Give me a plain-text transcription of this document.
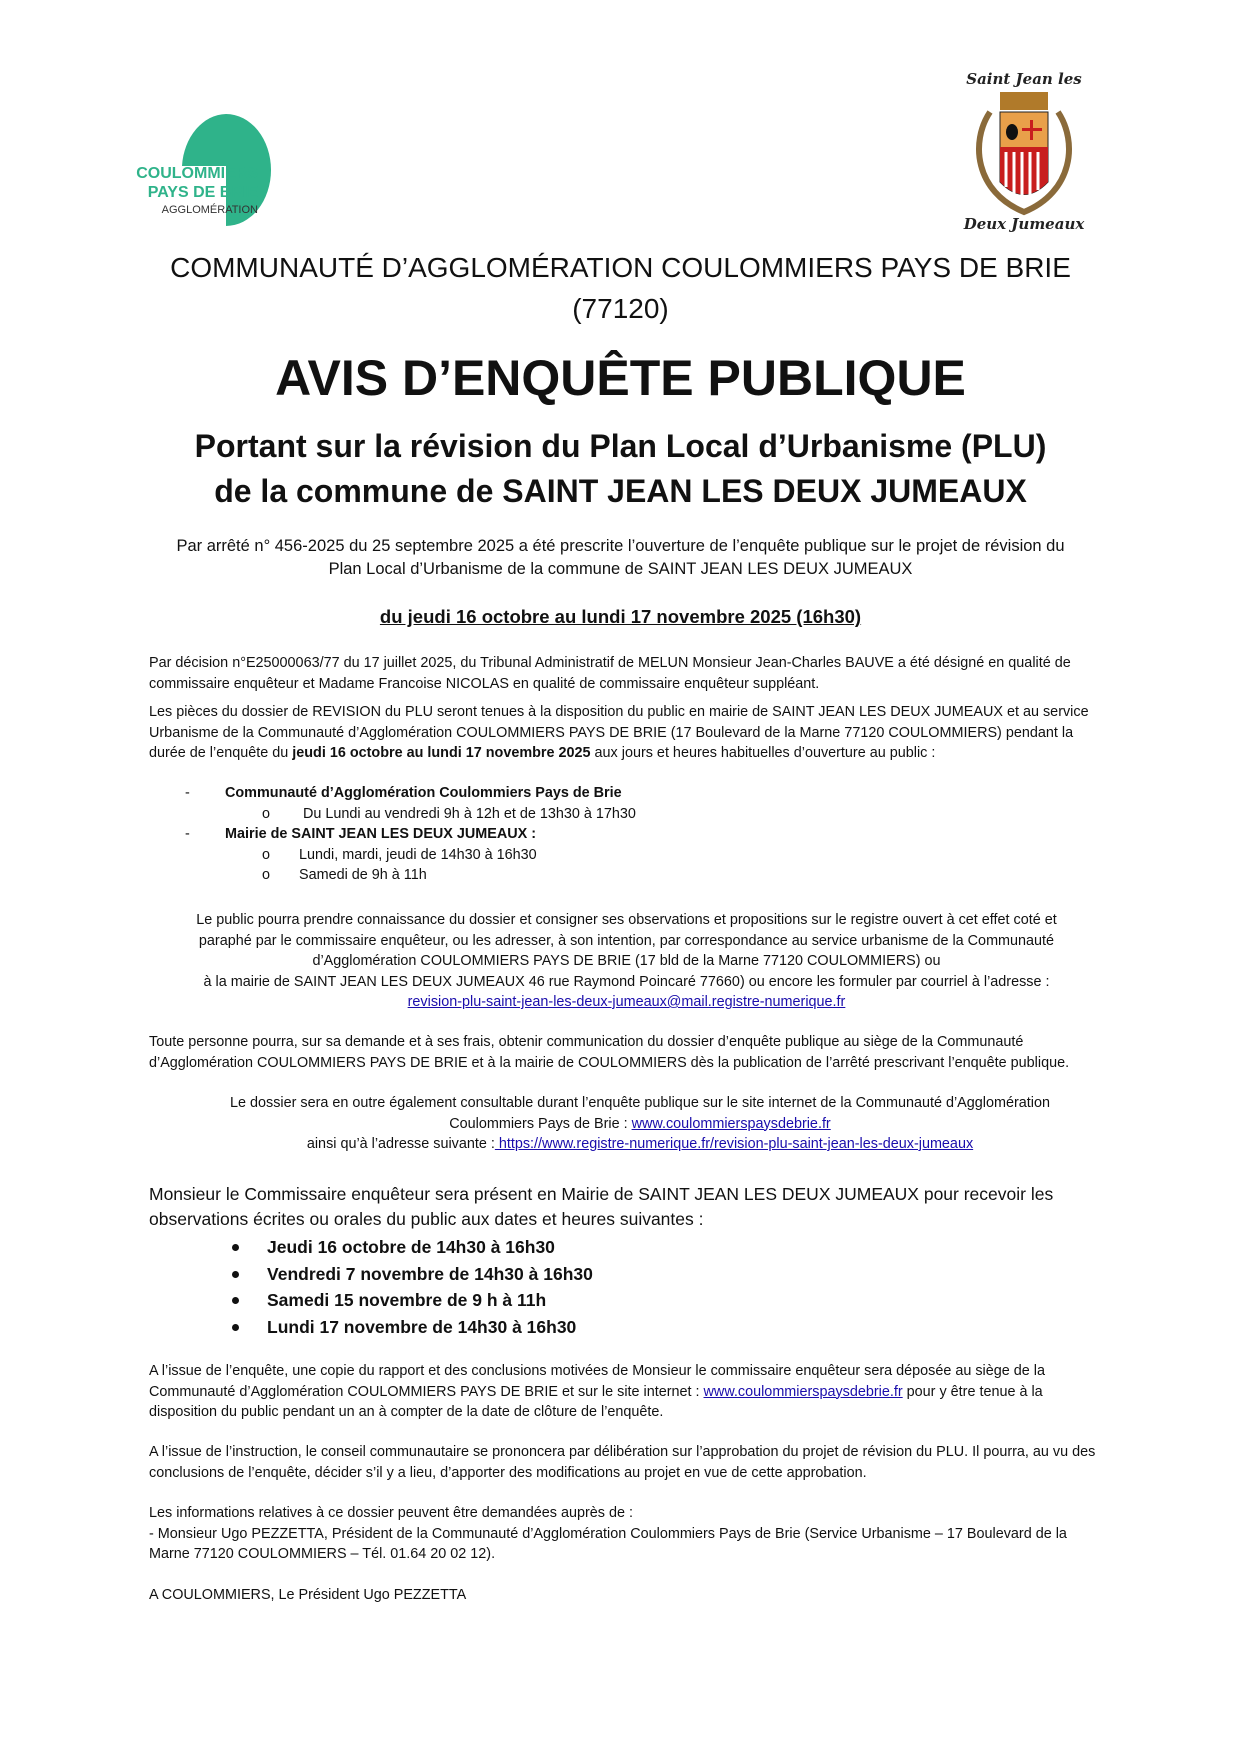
COULOMMIERS
PAYS DE BRIE
AGGLOMÉRATION
Saint Jean les
Deux Jumeaux
COMMUNAUTÉ D’AGGLOMÉRATION COULOMMIERS PAYS DE BRIE
(77120)
AVIS D’ENQUÊTE PUBLIQUE
Portant sur la révision du Plan Local d’Urbanisme (PLU)
de la commune de SAINT JEAN LES DEUX JUMEAUX
Par arrêté n° 456-2025 du 25 septembre 2025 a été prescrite l’ouverture de l’enquête publique sur le projet de révision du
Plan Local d’Urbanisme de la commune de SAINT JEAN LES DEUX JUMEAUX
du jeudi 16 octobre au lundi 17 novembre 2025 (16h30)

Par décision n°E25000063/77 du 17 juillet 2025, du Tribunal Administratif de MELUN Monsieur Jean-Charles BAUVE a été désigné en qualité de commissaire enquêteur et Madame Francoise NICOLAS en qualité de commissaire enquêteur suppléant.

Les pièces du dossier de REVISION du PLU seront tenues à la disposition du public en mairie de SAINT JEAN LES DEUX JUMEAUX et au service Urbanisme de la Communauté d’Agglomération COULOMMIERS PAYS DE BRIE (17 Boulevard de la Marne 77120 COULOMMIERS) pendant la durée de l’enquête du jeudi 16 octobre au lundi 17 novembre 2025 aux jours et heures habituelles d’ouverture au public :

- Communauté d’Agglomération Coulommiers Pays de Brie
o Du Lundi au vendredi 9h à 12h et de 13h30 à 17h30
- Mairie de SAINT JEAN LES DEUX JUMEAUX :
o Lundi, mardi, jeudi de 14h30 à 16h30
o Samedi de 9h à 11h
Le public pourra prendre connaissance du dossier et consigner ses observations et propositions sur le registre ouvert à cet effet coté et
paraphé par le commissaire enquêteur, ou les adresser, à son intention, par correspondance au service urbanisme de la Communauté
d’Agglomération COULOMMIERS PAYS DE BRIE (17 bld de la Marne 77120 COULOMMIERS) ou
à la mairie de SAINT JEAN LES DEUX JUMEAUX 46 rue Raymond Poincaré 77660) ou encore les formuler par courriel à l’adresse :
revision-plu-saint-jean-les-deux-jumeaux@mail.registre-numerique.fr

Toute personne pourra, sur sa demande et à ses frais, obtenir communication du dossier d’enquête publique au siège de la Communauté d’Agglomération COULOMMIERS PAYS DE BRIE et à la mairie de COULOMMIERS dès la publication de l’arrêté prescrivant l’enquête publique.

Le dossier sera en outre également consultable durant l’enquête publique sur le site internet de la Communauté d’Agglomération
Coulommiers Pays de Brie : www.coulommierspaysdebrie.fr
ainsi qu’à l’adresse suivante : https://www.registre-numerique.fr/revision-plu-saint-jean-les-deux-jumeaux

Monsieur le Commissaire enquêteur sera présent en Mairie de SAINT JEAN LES DEUX JUMEAUX pour recevoir les observations écrites ou orales du public aux dates et heures suivantes :

Jeudi 16 octobre de 14h30 à 16h30
Vendredi 7 novembre de 14h30 à 16h30
Samedi 15 novembre de 9 h à 11h
Lundi 17 novembre de 14h30 à 16h30

A l’issue de l’enquête, une copie du rapport et des conclusions motivées de Monsieur le commissaire enquêteur sera déposée au siège de la Communauté d’Agglomération COULOMMIERS PAYS DE BRIE et sur le site internet : www.coulommierspaysdebrie.fr pour y être tenue à la disposition du public pendant un an à compter de la date de clôture de l’enquête.

A l’issue de l’instruction, le conseil communautaire se prononcera par délibération sur l’approbation du projet de révision du PLU. Il pourra, au vu des conclusions de l’enquête, décider s’il y a lieu, d’apporter des modifications au projet en vue de cette approbation.

Les informations relatives à ce dossier peuvent être demandées auprès de :
- Monsieur Ugo PEZZETTA, Président de la Communauté d’Agglomération Coulommiers Pays de Brie (Service Urbanisme – 17 Boulevard de la Marne 77120 COULOMMIERS – Tél. 01.64 20 02 12).
A COULOMMIERS, Le Président Ugo PEZZETTA
